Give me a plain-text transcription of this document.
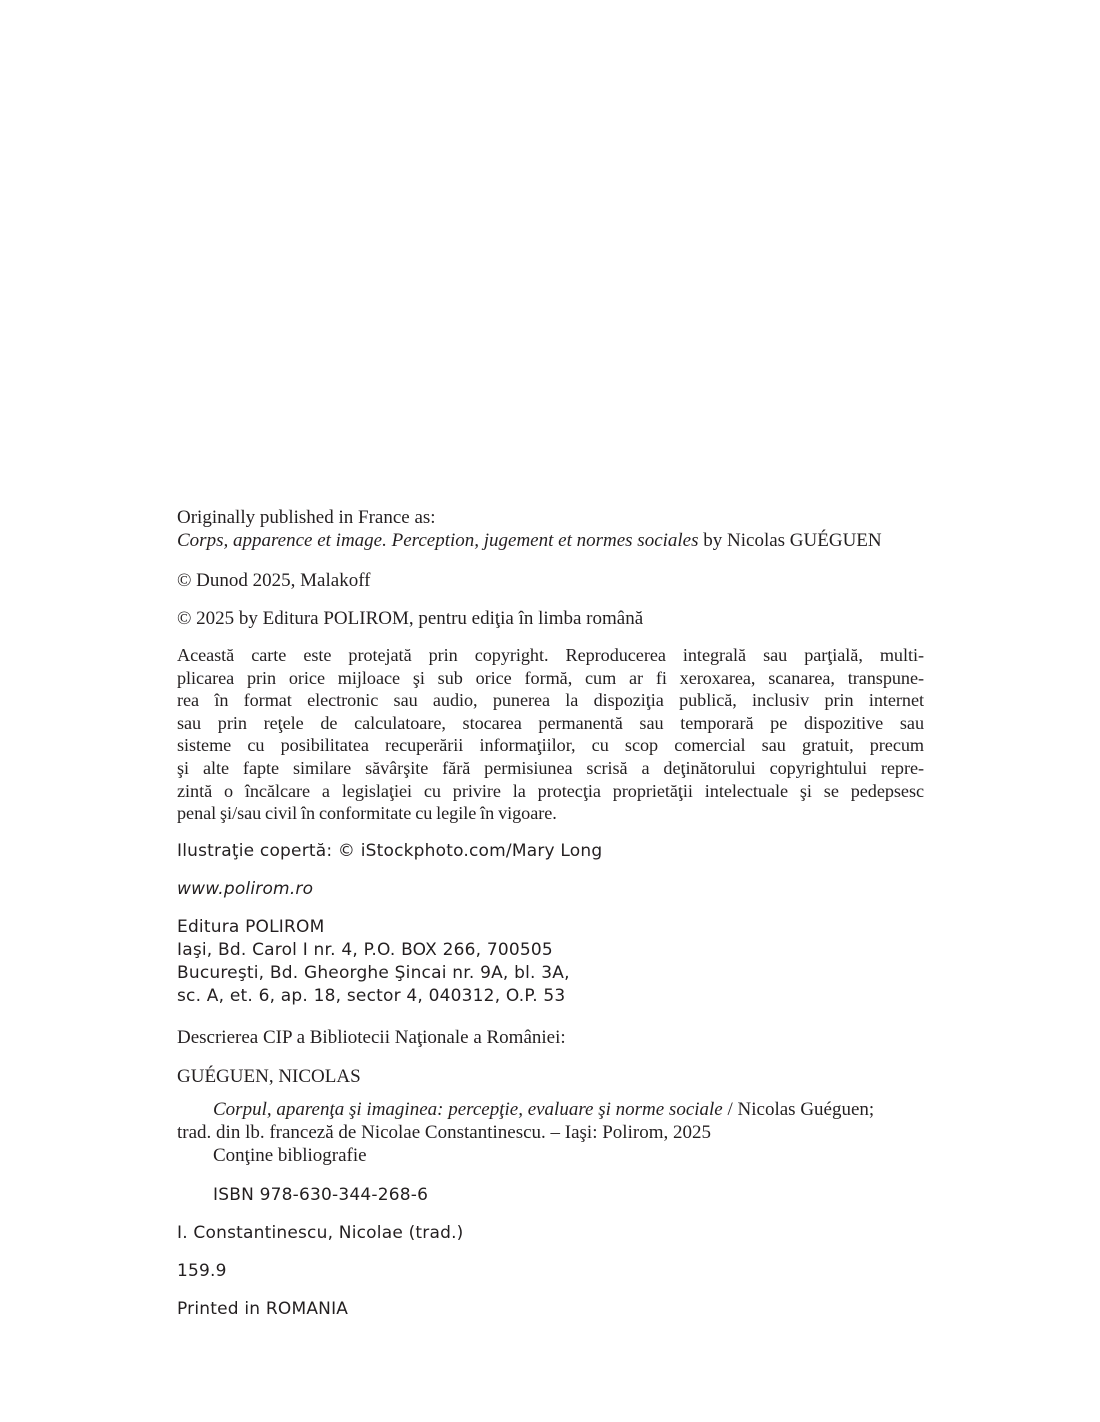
Originally published in France as:
Corps, apparence et image. Perception, jugement et normes sociales by Nicolas GUÉGUEN
© Dunod 2025, Malakoff
© 2025 by Editura POLIROM, pentru ediţia în limba română
Această carte este protejată prin copyright. Reproducerea integrală sau parţială, multi-
plicarea prin orice mijloace şi sub orice formă, cum ar fi xeroxarea, scanarea, transpune-
rea în format electronic sau audio, punerea la dispoziţia publică, inclusiv prin internet
sau prin reţele de calculatoare, stocarea permanentă sau temporară pe dispozitive sau
sisteme cu posibilitatea recuperării informaţiilor, cu scop comercial sau gratuit, precum
şi alte fapte similare săvârşite fără permisiunea scrisă a deţinătorului copyrightului repre-
zintă o încălcare a legislaţiei cu privire la protecţia proprietăţii intelectuale şi se pedepsesc
penal şi/sau civil în conformitate cu legile în vigoare.
Ilustraţie copertă: © iStockphoto.com/Mary Long
www.polirom.ro
Editura POLIROM
Iaşi, Bd. Carol I nr. 4, P.O. BOX 266, 700505
Bucureşti, Bd. Gheorghe Şincai nr. 9A, bl. 3A,
sc. A, et. 6, ap. 18, sector 4, 040312, O.P. 53
Descrierea CIP a Bibliotecii Naţionale a României:
GUÉGUEN, NICOLAS
Corpul, aparenţa şi imaginea: percepţie, evaluare şi norme sociale / Nicolas Guéguen;
trad. din lb. franceză de Nicolae Constantinescu. – Iaşi: Polirom, 2025
Conţine bibliografie
ISBN 978-630-344-268-6
I. Constantinescu, Nicolae (trad.)
159.9
Printed in ROMANIA
